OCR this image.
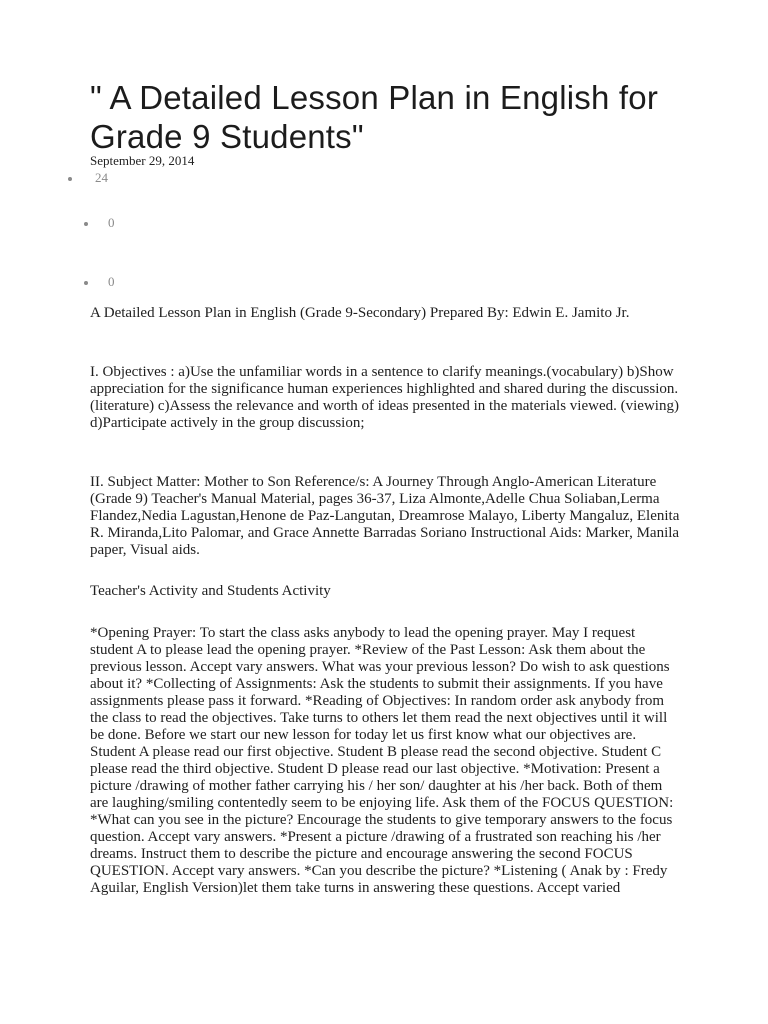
" A Detailed Lesson Plan in English for Grade 9 Students"
September 29, 2014
24
0
0

A Detailed Lesson Plan in English (Grade 9-Secondary) Prepared By: Edwin E. Jamito Jr.

I. Objectives : a)Use the unfamiliar words in a sentence to clarify meanings.(vocabulary) b)Show appreciation for the significance human experiences highlighted and shared during the discussion.(literature) c)Assess the relevance and worth of ideas presented in the materials viewed. (viewing) d)Participate actively in the group discussion;

II. Subject Matter: Mother to Son Reference/s: A Journey Through Anglo-American Literature (Grade 9) Teacher's Manual Material, pages 36-37, Liza Almonte,Adelle Chua Soliaban,Lerma Flandez,Nedia Lagustan,Henone de Paz-Langutan, Dreamrose Malayo, Liberty Mangaluz, Elenita R. Miranda,Lito Palomar, and Grace Annette Barradas Soriano Instructional Aids: Marker, Manila paper, Visual aids.

Teacher's Activity and Students Activity

*Opening Prayer: To start the class asks anybody to lead the opening prayer. May I request student A to please lead the opening prayer. *Review of the Past Lesson: Ask them about the previous lesson. Accept vary answers. What was your previous lesson? Do wish to ask questions about it? *Collecting of Assignments: Ask the students to submit their assignments. If you have assignments please pass it forward. *Reading of Objectives: In random order ask anybody from the class to read the objectives. Take turns to others let them read the next objectives until it will be done. Before we start our new lesson for today let us first know what our objectives are. Student A please read our first objective. Student B please read the second objective. Student C please read the third objective. Student D please read our last objective. *Motivation: Present a picture /drawing of mother father carrying his / her son/ daughter at his /her back. Both of them are laughing/smiling contentedly seem to be enjoying life. Ask them of the FOCUS QUESTION: *What can you see in the picture? Encourage the students to give temporary answers to the focus question. Accept vary answers. *Present a picture /drawing of a frustrated son reaching his /her dreams. Instruct them to describe the picture and encourage answering the second FOCUS QUESTION. Accept vary answers. *Can you describe the picture? *Listening ( Anak by : Fredy Aguilar, English Version)let them take turns in answering these questions. Accept varied
